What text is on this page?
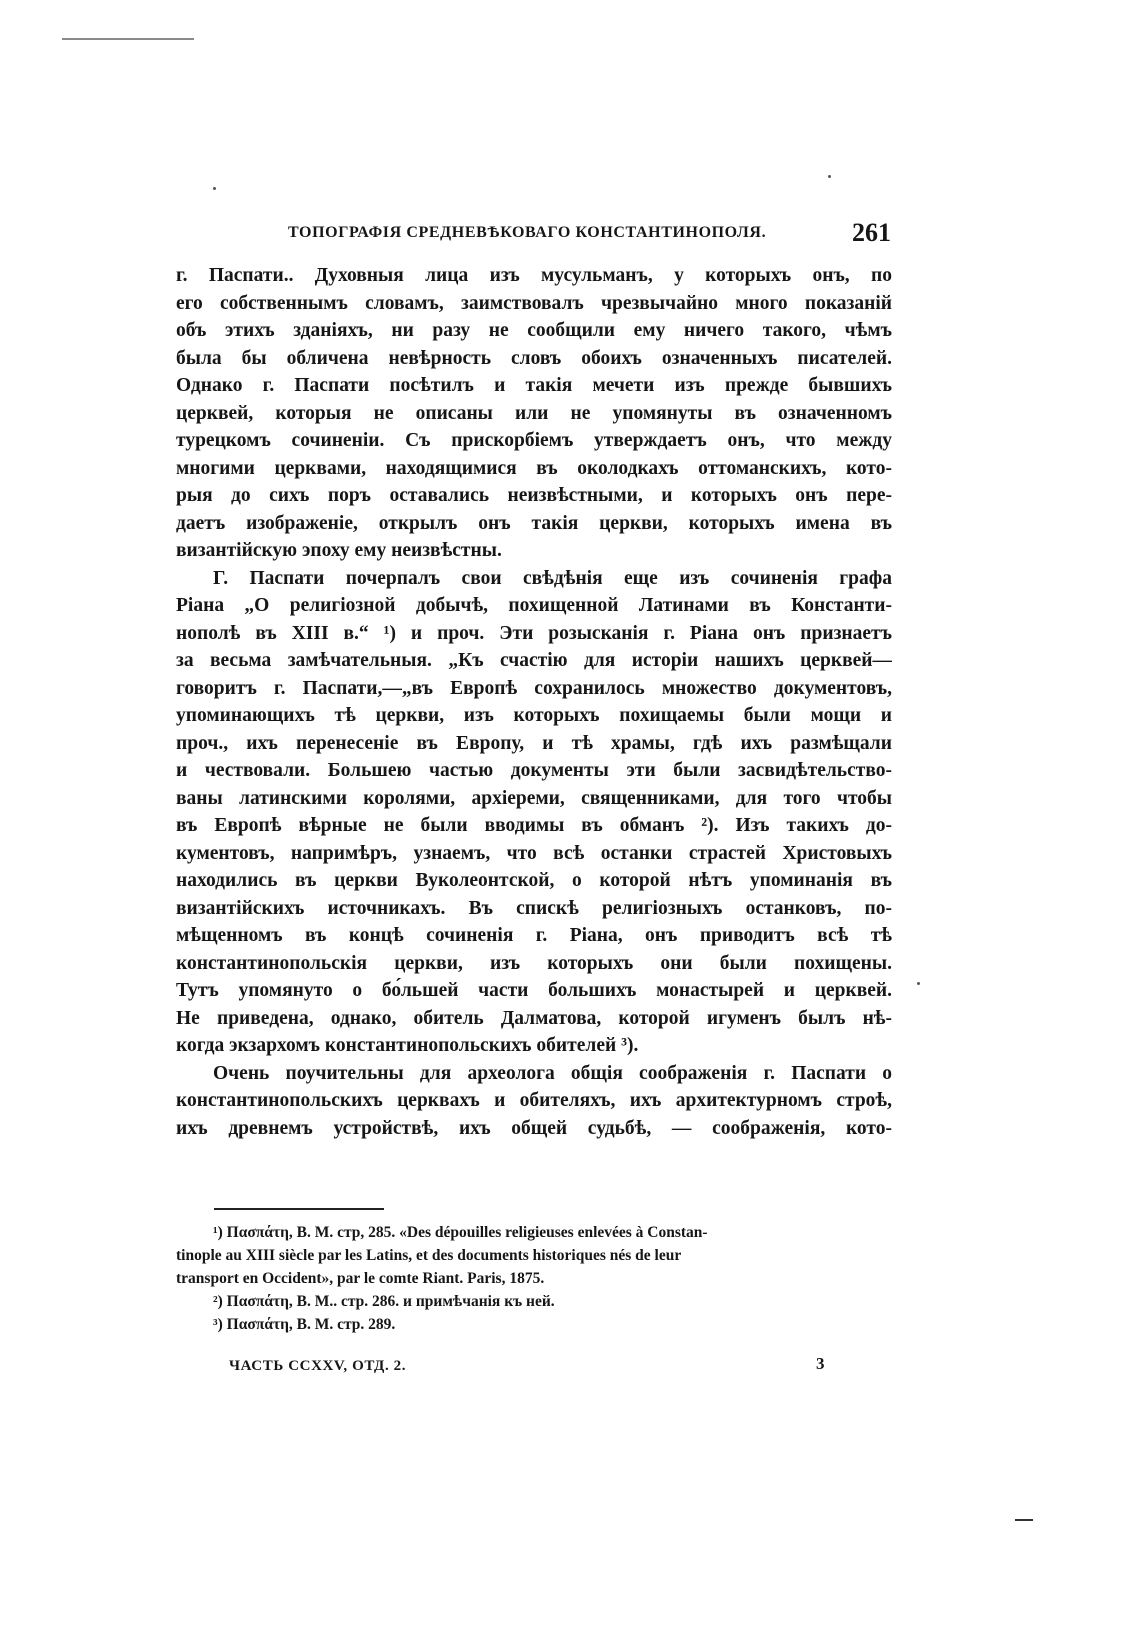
ТОПОГРАФІЯ СРЕДНЕВѢКОВАГО КОНСТАНТИНОПОЛЯ.	261
г. Паспати.. Духовныя лица изъ мусульманъ, у которыхъ онъ, по
его собственнымъ словамъ, заимствовалъ чрезвычайно много показаній
объ этихъ зданіяхъ, ни разу не сообщили ему ничего такого, чѣмъ
была бы обличена невѣрность словъ обоихъ означенныхъ писателей.
Однако г. Паспати посѣтилъ и такія мечети изъ прежде бывшихъ
церквей, которыя не описаны или не упомянуты въ означенномъ
турецкомъ сочиненіи. Съ прискорбіемъ утверждаетъ онъ, что между
многими церквами, находящимися въ околодкахъ оттоманскихъ, кото-
рыя до сихъ поръ оставались неизвѣстными, и которыхъ онъ пере-
даетъ изображеніе, открылъ онъ такія церкви, которыхъ имена въ
византійскую эпоху ему неизвѣстны.
Г. Паспати почерпалъ свои свѣдѣнія еще изъ сочиненія графа
Ріана „О религіозной добычѣ, похищенной Латинами въ Константи-
нополѣ въ XIII в.“ ¹) и проч. Эти розысканія г. Ріана онъ признаетъ
за весьма замѣчательныя. „Къ счастію для исторіи нашихъ церквей—
говоритъ г. Паспати,—„въ Европѣ сохранилось множество документовъ,
упоминающихъ тѣ церкви, изъ которыхъ похищаемы были мощи и
проч., ихъ перенесеніе въ Европу, и тѣ храмы, гдѣ ихъ размѣщали
и чествовали. Большею частью документы эти были засвидѣтельство-
ваны латинскими королями, архіереми, священниками, для того чтобы
въ Европѣ вѣрные не были вводимы въ обманъ ²). Изъ такихъ до-
кументовъ, напримѣръ, узнаемъ, что всѣ останки страстей Христовыхъ
находились въ церкви Вуколеонтской, о которой нѣтъ упоминанія въ
византійскихъ источникахъ. Въ спискѣ религіозныхъ останковъ, по-
мѣщенномъ въ концѣ сочиненія г. Ріана, онъ приводитъ всѣ тѣ
константинопольскія церкви, изъ которыхъ они были похищены.
Тутъ упомянуто о бо́льшей части большихъ монастырей и церквей.
Не приведена, однако, обитель Далматова, которой игуменъ былъ нѣ-
когда экзархомъ константинопольскихъ обителей ³).
Очень поучительны для археолога общія соображенія г. Паспати о
константинопольскихъ церквахъ и обителяхъ, ихъ архитектурномъ строѣ,
ихъ древнемъ устройствѣ, ихъ общей судьбѣ, — соображенія, кото-
¹) Πασπάτη, Β. Μ. стр, 285. «Des dépouilles religieuses enlevées à Constan-
tinople au XIII siècle par les Latins, et des documents historiques nés de leur
transport en Occident», par le comte Riant. Paris, 1875.
²) Πασπάτη, Β. Μ.. стр. 286. и примѣчанія къ ней.
³) Πασπάτη, Β. Μ. стр. 289.
ЧАСТЬ CCXXV, ОТД. 2.	3
